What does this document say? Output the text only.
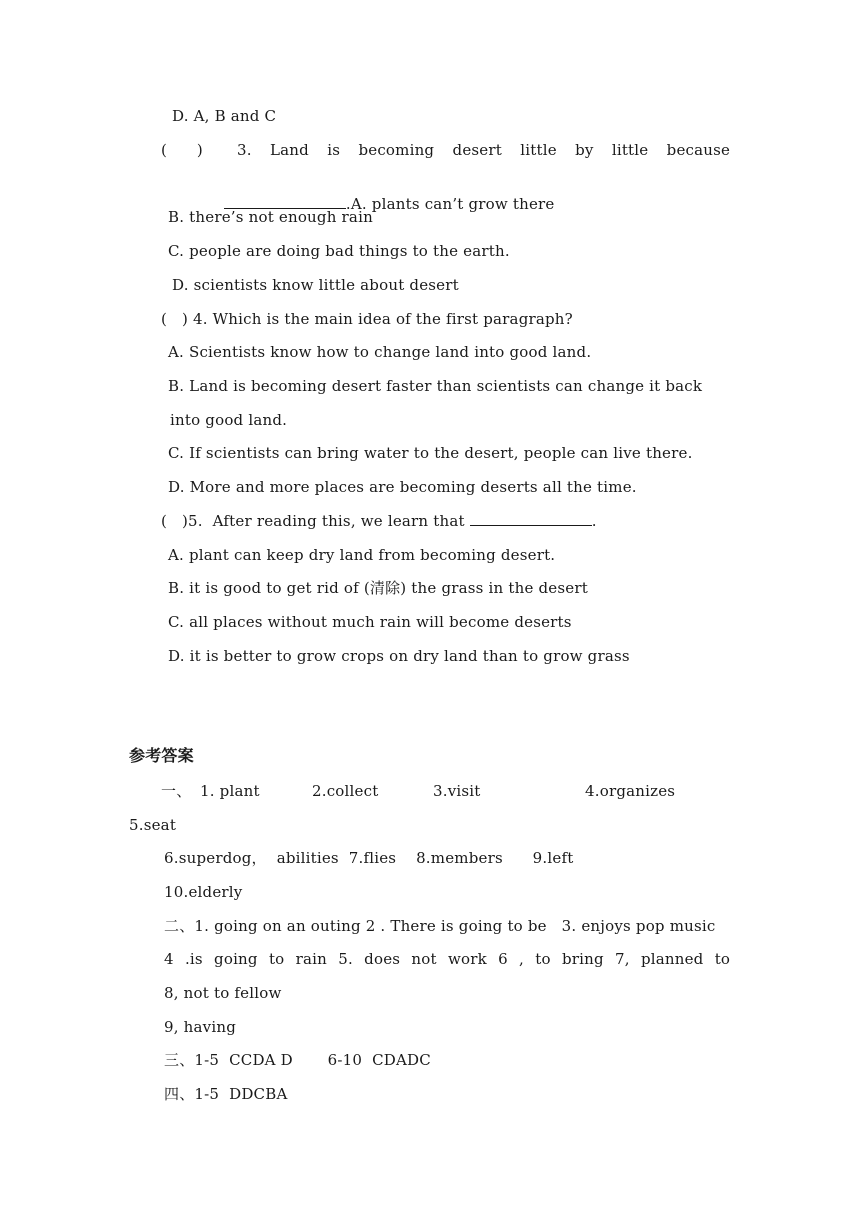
D. A, B and C
(      ) 3. Land is becoming desert little by little because

.A. plants can’t grow there

B. there’s not enough rain
C. people are doing bad things to the earth.
D. scientists know little about desert
(   ) 4. Which is the main idea of the first paragraph?
A. Scientists know how to change land into good land.
B. Land is becoming desert faster than scientists can change it back
into good land.
C. If scientists can bring water to the desert, people can live there.
D. More and more places are becoming deserts all the time.
(   )5.  After reading this, we learn that	.
A. plant can keep dry land from becoming desert.
B. it is good to get rid of (清除) the grass in the desert
C. all places without much rain will become deserts
D. it is better to grow crops on dry land than to grow grass
参考答案
一、 1. plant	2.collect	3.visit	4.organizes
5.seat
6.superdog，  abilities  7.flies    8.members      9.left
10.elderly
二、1. going on an outing 2 . There is going to be   3. enjoys pop music
4 .is going to rain 5. does not work 6 , to bring 7, planned to
8, not to fellow
9, having
三、1-5  CCDA D       6-10  CDADC
四、1-5  DDCBA
